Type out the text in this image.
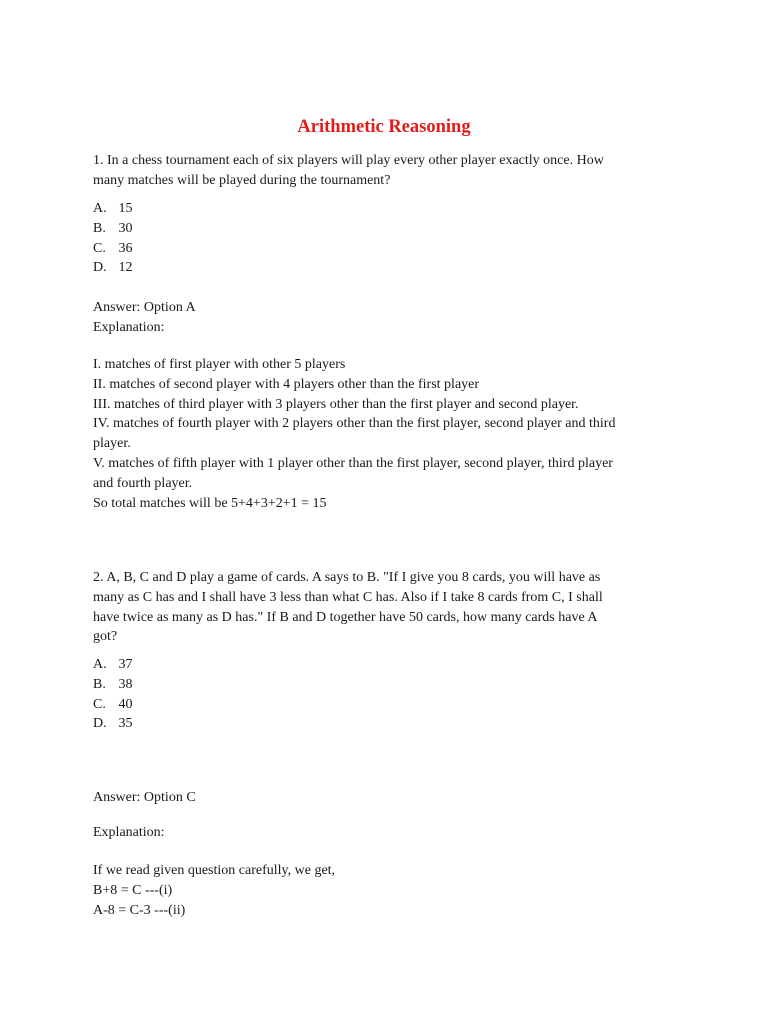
Arithmetic Reasoning
1. In a chess tournament each of six players will play every other player exactly once. How
many matches will be played during the tournament?
A. 15
B. 30
C. 36
D. 12
Answer: Option A
Explanation:
I. matches of first player with other 5 players
II. matches of second player with 4 players other than the first player
III. matches of third player with 3 players other than the first player and second player.
IV. matches of fourth player with 2 players other than the first player, second player and third
player.
V. matches of fifth player with 1 player other than the first player, second player, third player
and fourth player.
So total matches will be 5+4+3+2+1 = 15
2. A, B, C and D play a game of cards. A says to B. "If I give you 8 cards, you will have as
many as C has and I shall have 3 less than what C has. Also if I take 8 cards from C, I shall
have twice as many as D has." If B and D together have 50 cards, how many cards have A
got?
A. 37
B. 38
C. 40
D. 35
Answer: Option C
Explanation:
If we read given question carefully, we get,
B+8 = C ---(i)
A-8 = C-3 ---(ii)
